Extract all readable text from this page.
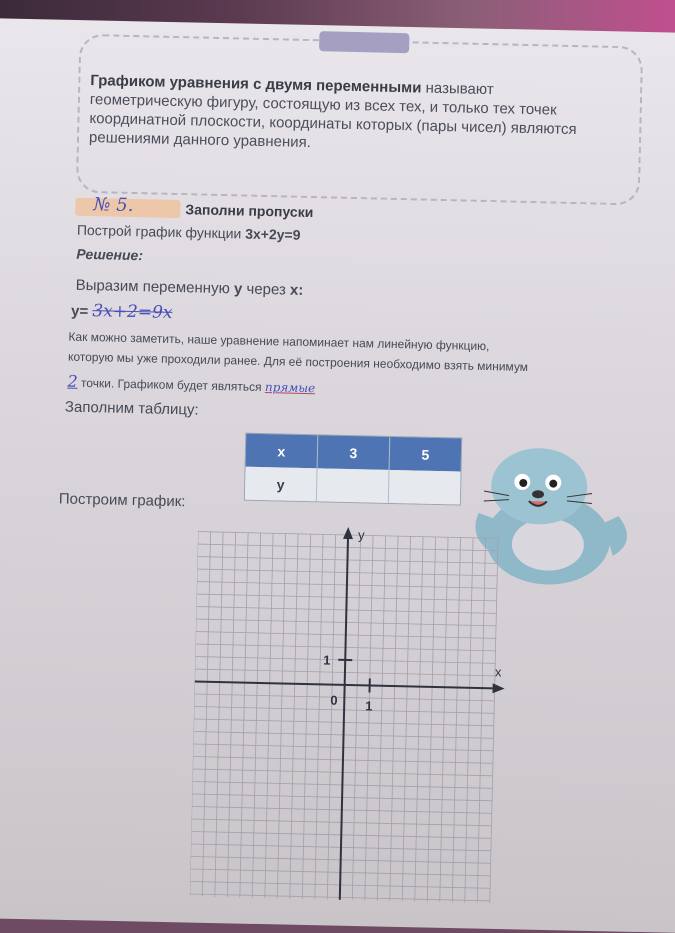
Графиком уравнения с двумя переменными называют геометрическую фигуру, состоящую из всех тех, и только тех точек координатной плоскости, координаты которых (пары чисел) являются решениями данного уравнения.
№ 5.	Заполни пропуски
Построй график функции 3x+2y=9
Решение:
Выразим переменную y через x:
y= 3x+2=9x
Как можно заметить, наше уравнение напоминает нам линейную функцию,
которую мы уже проходили ранее. Для её построения необходимо взять минимум
2 точки. Графиком будет являться прямые
Заполним таблицу:
x	3	5
y
Построим график:
x
y
0
1
1
